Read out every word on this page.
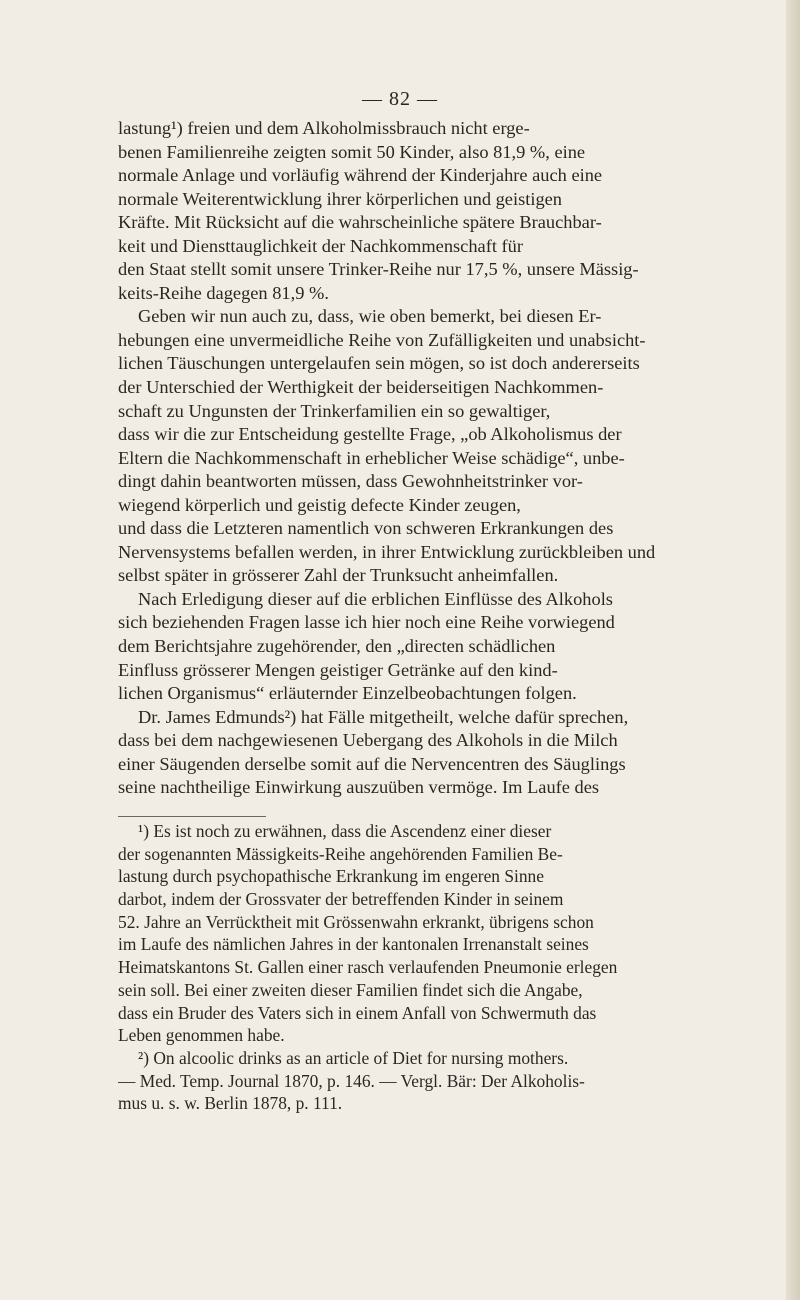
— 82 —
lastung¹) freien und dem Alkoholmissbrauch nicht erge-
benen Familienreihe zeigten somit 50 Kinder, also 81,9 %, eine
normale Anlage und vorläufig während der Kinderjahre auch eine
normale Weiterentwicklung ihrer körperlichen und geistigen
Kräfte. Mit Rücksicht auf die wahrscheinliche spätere Brauchbar-
keit und Diensttauglichkeit der Nachkommenschaft für
den Staat stellt somit unsere Trinker-Reihe nur 17,5 %, unsere Mässig-
keits-Reihe dagegen 81,9 %.
Geben wir nun auch zu, dass, wie oben bemerkt, bei diesen Er-
hebungen eine unvermeidliche Reihe von Zufälligkeiten und unabsicht-
lichen Täuschungen untergelaufen sein mögen, so ist doch andererseits
der Unterschied der Werthigkeit der beiderseitigen Nachkommen-
schaft zu Ungunsten der Trinkerfamilien ein so gewaltiger,
dass wir die zur Entscheidung gestellte Frage, „ob Alkoholismus der
Eltern die Nachkommenschaft in erheblicher Weise schädige“, unbe-
dingt dahin beantworten müssen, dass Gewohnheitstrinker vor-
wiegend körperlich und geistig defecte Kinder zeugen,
und dass die Letzteren namentlich von schweren Erkrankungen des
Nervensystems befallen werden, in ihrer Entwicklung zurückbleiben und
selbst später in grösserer Zahl der Trunksucht anheimfallen.
Nach Erledigung dieser auf die erblichen Einflüsse des Alkohols
sich beziehenden Fragen lasse ich hier noch eine Reihe vorwiegend
dem Berichtsjahre zugehörender, den „directen schädlichen
Einfluss grösserer Mengen geistiger Getränke auf den kind-
lichen Organismus“ erläuternder Einzelbeobachtungen folgen.
Dr. James Edmunds²) hat Fälle mitgetheilt, welche dafür sprechen,
dass bei dem nachgewiesenen Uebergang des Alkohols in die Milch
einer Säugenden derselbe somit auf die Nervencentren des Säuglings
seine nachtheilige Einwirkung auszuüben vermöge. Im Laufe des
¹) Es ist noch zu erwähnen, dass die Ascendenz einer dieser
der sogenannten Mässigkeits-Reihe angehörenden Familien Be-
lastung durch psychopathische Erkrankung im engeren Sinne
darbot, indem der Grossvater der betreffenden Kinder in seinem
52. Jahre an Verrücktheit mit Grössenwahn erkrankt, übrigens schon
im Laufe des nämlichen Jahres in der kantonalen Irrenanstalt seines
Heimatskantons St. Gallen einer rasch verlaufenden Pneumonie erlegen
sein soll. Bei einer zweiten dieser Familien findet sich die Angabe,
dass ein Bruder des Vaters sich in einem Anfall von Schwermuth das
Leben genommen habe.
²) On alcoolic drinks as an article of Diet for nursing mothers.
— Med. Temp. Journal 1870, p. 146. — Vergl. Bär: Der Alkoholis-
mus u. s. w. Berlin 1878, p. 111.
